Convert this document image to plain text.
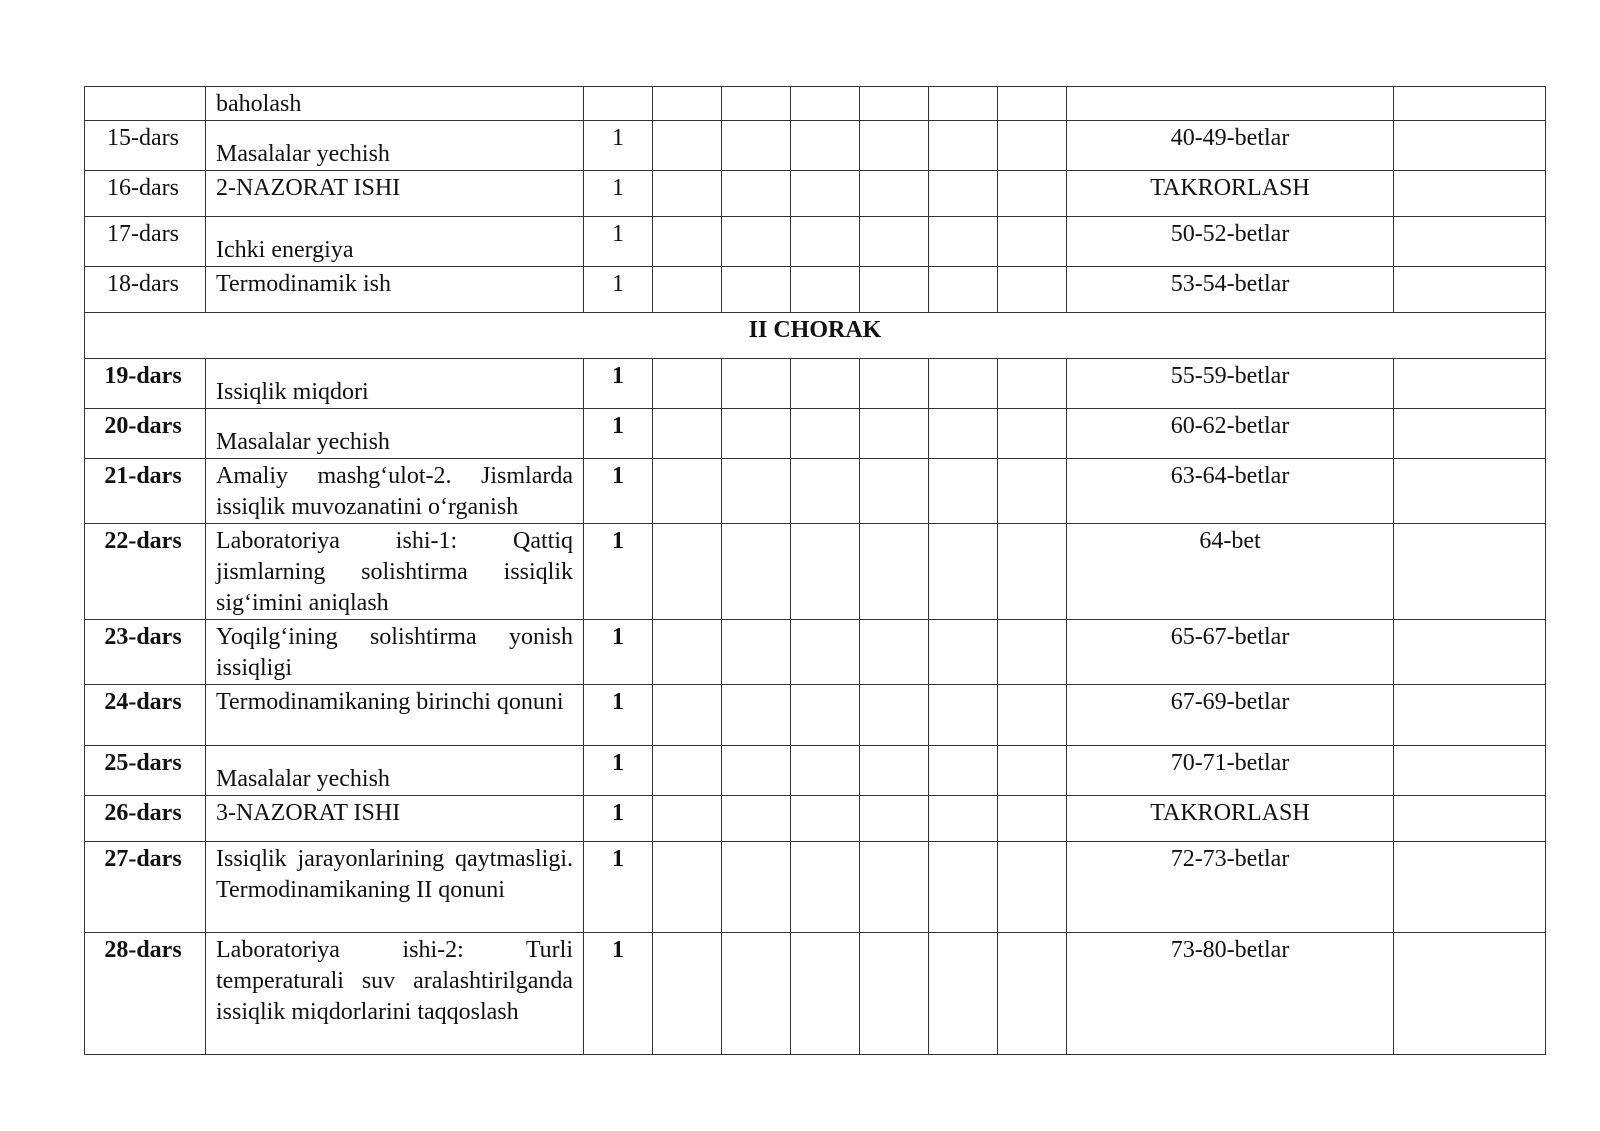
	baholash									
15-dars	Masalalar yechish	1							40-49-betlar	
16-dars	2-NAZORAT ISHI	1							TAKRORLASH	
17-dars	Ichki energiya	1							50-52-betlar	
18-dars	Termodinamik ish	1							53-54-betlar	
II CHORAK										
19-dars	Issiqlik miqdori	1							55-59-betlar	
20-dars	Masalalar yechish	1							60-62-betlar	
21-dars	Amaliy mashg‘ulot-2. Jismlarda issiqlik muvozanatini o‘rganish	1							63-64-betlar	
22-dars	Laboratoriya ishi-1: Qattiq jismlarning solishtirma issiqlik sig‘imini aniqlash	1							64-bet	
23-dars	Yoqilg‘ining solishtirma yonish issiqligi	1							65-67-betlar	
24-dars	Termodinamikaning birinchi qonuni	1							67-69-betlar	
25-dars	Masalalar yechish	1							70-71-betlar	
26-dars	3-NAZORAT ISHI	1							TAKRORLASH	
27-dars	Issiqlik jarayonlarining qaytmasligi. Termodinamikaning II qonuni	1							72-73-betlar	
28-dars	Laboratoriya ishi-2: Turli temperaturali suv aralashtirilganda issiqlik miqdorlarini taqqoslash	1							73-80-betlar	
